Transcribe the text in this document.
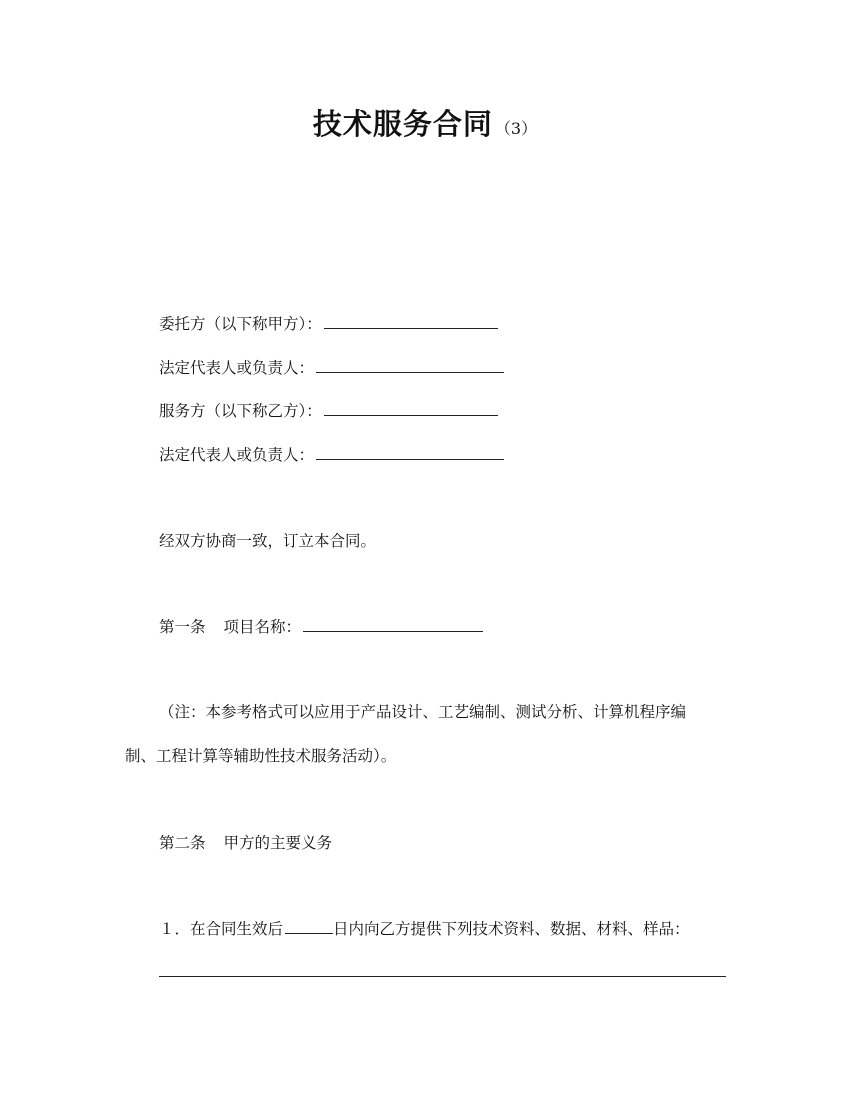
技术服务合同 （3）
委托方（以下称甲方）：
法定代表人或负责人：
服务方（以下称乙方）：
法定代表人或负责人：
经双方协商一致，订立本合同。
第一条 项目名称：
（注：本参考格式可以应用于产品设计、工艺编制、测试分析、计算机程序编
制、工程计算等辅助性技术服务活动）。
第二条 甲方的主要义务
１．在合同生效后	日内向乙方提供下列技术资料、数据、材料、样品：
